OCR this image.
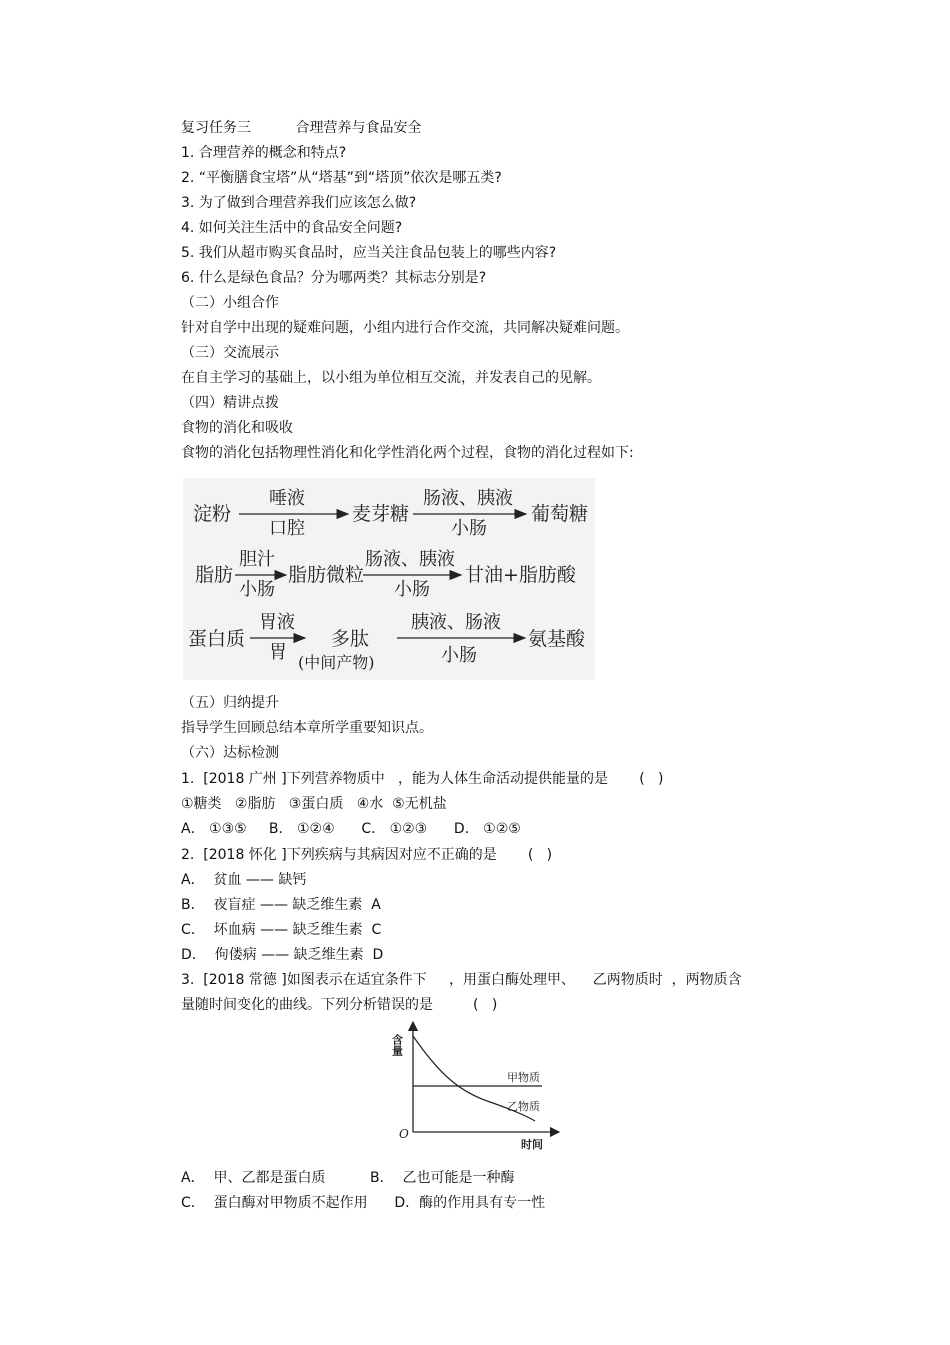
复习任务三          合理营养与食品安全
1. 合理营养的概念和特点?
2. “平衡膳食宝塔”从“塔基”到“塔顶”依次是哪五类?
3. 为了做到合理营养我们应该怎么做?
4. 如何关注生活中的食品安全问题?
5. 我们从超市购买食品时，应当关注食品包装上的哪些内容?
6. 什么是绿色食品？分为哪两类？其标志分别是?
（二）小组合作
针对自学中出现的疑难问题，小组内进行合作交流，共同解决疑难问题。
（三）交流展示
在自主学习的基础上，以小组为单位相互交流，并发表自己的见解。
（四）精讲点拨
食物的消化和吸收
食物的消化包括物理性消化和化学性消化两个过程，食物的消化过程如下:
淀粉
唾液
口腔
麦芽糖
肠液、胰液
小肠
葡萄糖
脂肪
胆汁
小肠
脂肪微粒
肠液、胰液
小肠
甘油+脂肪酸
蛋白质
胃液
胃
多肽
(中间产物)
胰液、肠液
小肠
氨基酸
（五）归纳提升
指导学生回顾总结本章所学重要知识点。
（六）达标检测
1.  [2018 广州 ]下列营养物质中   ，能为人体生命活动提供能量的是       (   )
①糖类   ②脂肪   ③蛋白质   ④水  ⑤无机盐
A． ①③⑤     B． ①②④      C． ①②③      D． ①②⑤
2.  [2018 怀化 ]下列疾病与其病因对应不正确的是       (   )
A．  贫血 —— 缺钙
B．  夜盲症 —— 缺乏维生素  A
C．  坏血病 —— 缺乏维生素  C
D．  佝偻病 —— 缺乏维生素  D
3.  [2018 常德 ]如图表示在适宜条件下     ，用蛋白酶处理甲、    乙两物质时  ，两物质含
量随时间变化的曲线。下列分析错误的是         (   )
含量
O
时间
甲物质
乙物质
A．  甲、乙都是蛋白质          B．  乙也可能是一种酶
C．  蛋白酶对甲物质不起作用      D．酶的作用具有专一性
